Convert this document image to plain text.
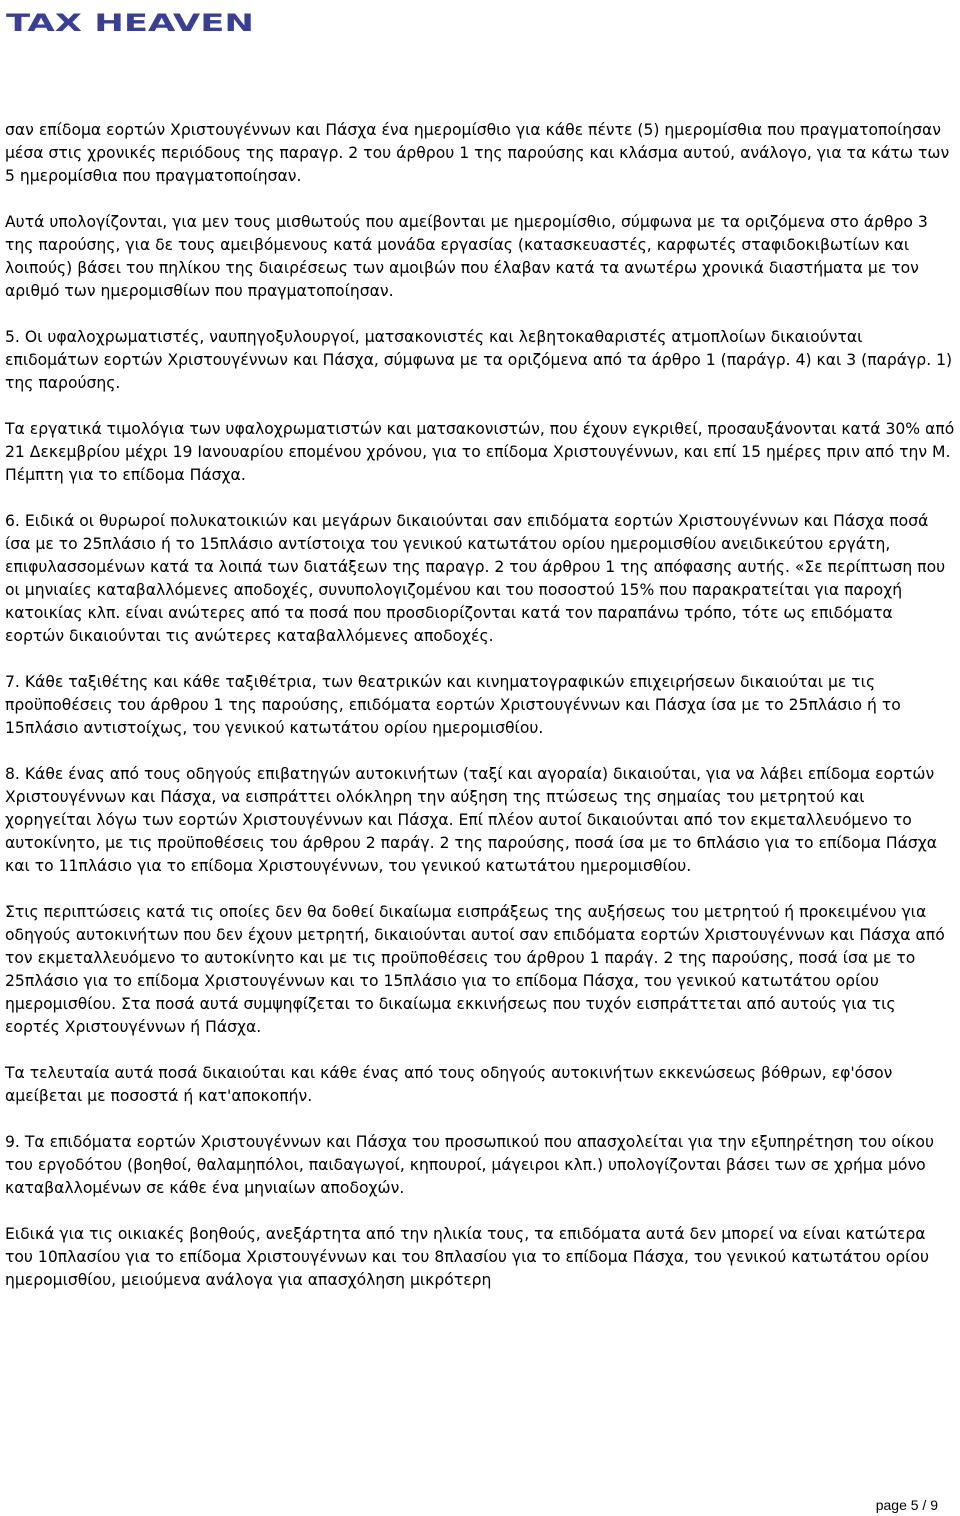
TAX HEAVEN

σαν επίδομα εορτών Χριστουγέννων και Πάσχα ένα ημερομίσθιο για κάθε πέντε (5) ημερομίσθια που πραγματοποίησαν μέσα στις χρονικές περιόδους της παραγρ. 2 του άρθρου 1 της παρούσης και κλάσμα αυτού, ανάλογο, για τα κάτω των 5 ημερομίσθια που πραγματοποίησαν.

Αυτά υπολογίζονται, για μεν τους μισθωτούς που αμείβονται με ημερομίσθιο, σύμφωνα με τα οριζόμενα στο άρθρο 3 της παρούσης, για δε τους αμειβόμενους κατά μονάδα εργασίας (κατασκευαστές, καρφωτές σταφιδοκιβωτίων και λοιπούς) βάσει του πηλίκου της διαιρέσεως των αμοιβών που έλαβαν κατά τα ανωτέρω χρονικά διαστήματα με τον αριθμό των ημερομισθίων που πραγματοποίησαν.

5. Οι υφαλοχρωματιστές, ναυπηγοξυλουργοί, ματσακονιστές και λεβητοκαθαριστές ατμοπλοίων δικαιούνται επιδομάτων εορτών Χριστουγέννων και Πάσχα, σύμφωνα με τα οριζόμενα από τα άρθρο 1 (παράγρ. 4) και 3 (παράγρ. 1) της παρούσης.

Τα εργατικά τιμολόγια των υφαλοχρωματιστών και ματσακονιστών, που έχουν εγκριθεί, προσαυξάνονται κατά 30% από 21 Δεκεμβρίου μέχρι 19 Ιανουαρίου επομένου χρόνου, για το επίδομα Χριστουγέννων, και επί 15 ημέρες πριν από την Μ. Πέμπτη για το επίδομα Πάσχα.

6. Ειδικά οι θυρωροί πολυκατοικιών και μεγάρων δικαιούνται σαν επιδόματα εορτών Χριστουγέννων και Πάσχα ποσά ίσα με το 25πλάσιο ή το 15πλάσιο αντίστοιχα του γενικού κατωτάτου ορίου ημερομισθίου ανειδικεύτου εργάτη, επιφυλασσομένων κατά τα λοιπά των διατάξεων της παραγρ. 2 του άρθρου 1 της απόφασης αυτής. «Σε περίπτωση που οι μηνιαίες καταβαλλόμενες αποδοχές, συνυπολογιζομένου και του ποσοστού 15% που παρακρατείται για παροχή κατοικίας κλπ. είναι ανώτερες από τα ποσά που προσδιορίζονται κατά τον παραπάνω τρόπο, τότε ως επιδόματα εορτών δικαιούνται τις ανώτερες καταβαλλόμενες αποδοχές.

7. Κάθε ταξιθέτης και κάθε ταξιθέτρια, των θεατρικών και κινηματογραφικών επιχειρήσεων δικαιούται με τις προϋποθέσεις του άρθρου 1 της παρούσης, επιδόματα εορτών Χριστουγέννων και Πάσχα ίσα με το 25πλάσιο ή το 15πλάσιο αντιστοίχως, του γενικού κατωτάτου ορίου ημερομισθίου.

8. Κάθε ένας από τους οδηγούς επιβατηγών αυτοκινήτων (ταξί και αγοραία) δικαιούται, για να λάβει επίδομα εορτών Χριστουγέννων και Πάσχα, να εισπράττει ολόκληρη την αύξηση της πτώσεως της σημαίας του μετρητού και χορηγείται λόγω των εορτών Χριστουγέννων και Πάσχα. Επί πλέον αυτοί δικαιούνται από τον εκμεταλλευόμενο το αυτοκίνητο, με τις προϋποθέσεις του άρθρου 2 παράγ. 2 της παρούσης, ποσά ίσα με το 6πλάσιο για το επίδομα Πάσχα και το 11πλάσιο για το επίδομα Χριστουγέννων, του γενικού κατωτάτου ημερομισθίου.

Στις περιπτώσεις κατά τις οποίες δεν θα δοθεί δικαίωμα εισπράξεως της αυξήσεως του μετρητού ή προκειμένου για οδηγούς αυτοκινήτων που δεν έχουν μετρητή, δικαιούνται αυτοί σαν επιδόματα εορτών Χριστουγέννων και Πάσχα από τον εκμεταλλευόμενο το αυτοκίνητο και με τις προϋποθέσεις του άρθρου 1 παράγ. 2 της παρούσης, ποσά ίσα με το 25πλάσιο για το επίδομα Χριστουγέννων και το 15πλάσιο για το επίδομα Πάσχα, του γενικού κατωτάτου ορίου ημερομισθίου. Στα ποσά αυτά συμψηφίζεται το δικαίωμα εκκινήσεως που τυχόν εισπράττεται από αυτούς για τις εορτές Χριστουγέννων ή Πάσχα.

Τα τελευταία αυτά ποσά δικαιούται και κάθε ένας από τους οδηγούς αυτοκινήτων εκκενώσεως βόθρων, εφ'όσον αμείβεται με ποσοστά ή κατ'αποκοπήν.

9. Τα επιδόματα εορτών Χριστουγέννων και Πάσχα του προσωπικού που απασχολείται για την εξυπηρέτηση του οίκου του εργοδότου (βοηθοί, θαλαμηπόλοι, παιδαγωγοί, κηπουροί, μάγειροι κλπ.) υπολογίζονται βάσει των σε χρήμα μόνο καταβαλλομένων σε κάθε ένα μηνιαίων αποδοχών.

Ειδικά για τις οικιακές βοηθούς, ανεξάρτητα από την ηλικία τους, τα επιδόματα αυτά δεν μπορεί να είναι κατώτερα του 10πλασίου για το επίδομα Χριστουγέννων και του 8πλασίου για το επίδομα Πάσχα, του γενικού κατωτάτου ορίου ημερομισθίου, μειούμενα ανάλογα για απασχόληση μικρότερη

page 5 / 9
